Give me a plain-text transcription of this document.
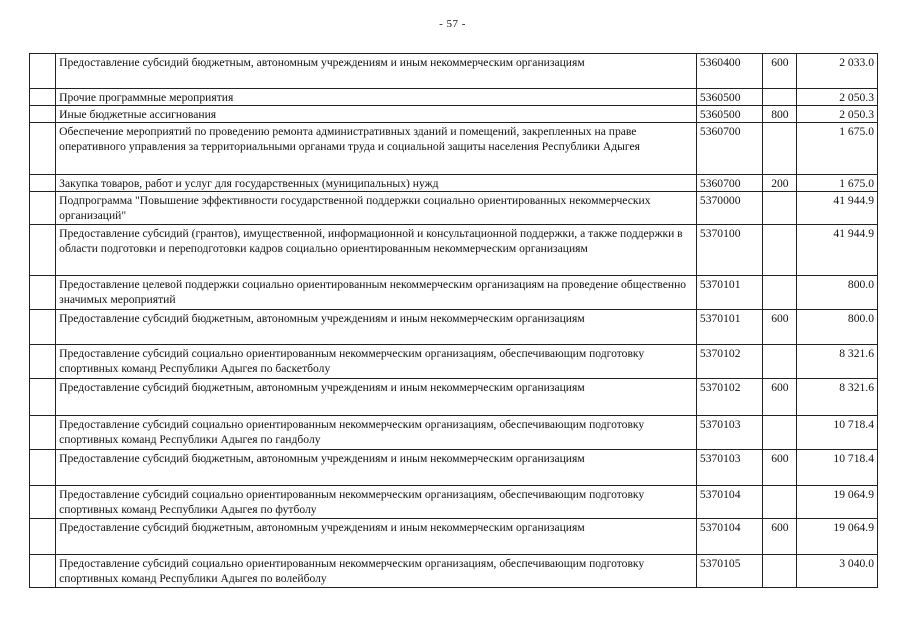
- 57 -
	Предоставление субсидий бюджетным, автономным учреждениям и иным некоммерческим организациям	5360400	600	2 033.0
	Прочие программные мероприятия	5360500		2 050.3
	Иные бюджетные ассигнования	5360500	800	2 050.3
	Обеспечение мероприятий по проведению ремонта административных зданий и помещений, закрепленных на праве оперативного управления за территориальными органами труда и социальной защиты населения Республики Адыгея	5360700		1 675.0
	Закупка товаров, работ и услуг для государственных (муниципальных) нужд	5360700	200	1 675.0
	Подпрограмма "Повышение эффективности государственной поддержки социально ориентированных некоммерческих организаций"	5370000		41 944.9
	Предоставление субсидий (грантов), имущественной, информационной и консультационной поддержки, а также поддержки в области подготовки и переподготовки кадров социально ориентированным некоммерческим организациям	5370100		41 944.9
	Предоставление целевой поддержки социально ориентированным некоммерческим организациям на проведение общественно значимых мероприятий	5370101		800.0
	Предоставление субсидий бюджетным, автономным учреждениям и иным некоммерческим организациям	5370101	600	800.0
	Предоставление субсидий социально ориентированным некоммерческим организациям, обеспечивающим подготовку спортивных команд Республики Адыгея по баскетболу	5370102		8 321.6
	Предоставление субсидий бюджетным, автономным учреждениям и иным некоммерческим организациям	5370102	600	8 321.6
	Предоставление субсидий социально ориентированным некоммерческим организациям, обеспечивающим подготовку спортивных команд Республики Адыгея по гандболу	5370103		10 718.4
	Предоставление субсидий бюджетным, автономным учреждениям и иным некоммерческим организациям	5370103	600	10 718.4
	Предоставление субсидий социально ориентированным некоммерческим организациям, обеспечивающим подготовку спортивных команд Республики Адыгея по футболу	5370104		19 064.9
	Предоставление субсидий бюджетным, автономным учреждениям и иным некоммерческим организациям	5370104	600	19 064.9
	Предоставление субсидий социально ориентированным некоммерческим организациям, обеспечивающим подготовку спортивных команд Республики Адыгея по волейболу	5370105		3 040.0
